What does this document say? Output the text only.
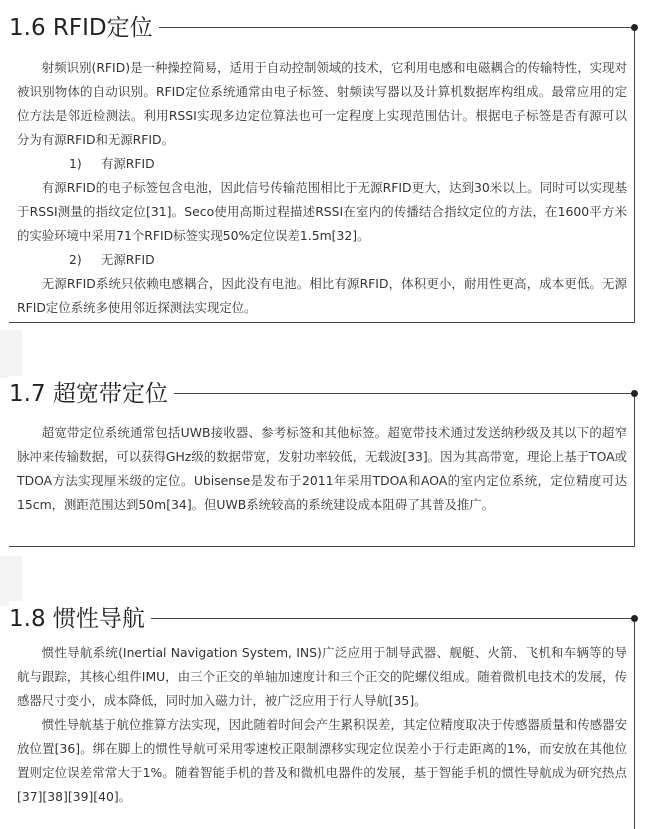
1.6 RFID定位

射频识别(RFID)是一种操控简易，适用于自动控制领域的技术，它利用电感和电磁耦合的传输特性，实现对被识别物体的自动识别。RFID定位系统通常由电子标签、射频读写器以及计算机数据库构组成。最常应用的定位方法是邻近检测法。利用RSSI实现多边定位算法也可一定程度上实现范围估计。根据电子标签是否有源可以分为有源RFID和无源RFID。

1) 有源RFID

有源RFID的电子标签包含电池，因此信号传输范围相比于无源RFID更大，达到30米以上。同时可以实现基于RSSI测量的指纹定位[31]。Seco使用高斯过程描述RSSI在室内的传播结合指纹定位的方法，在1600平方米的实验环境中采用71个RFID标签实现50%定位误差1.5m[32]。

2) 无源RFID

无源RFID系统只依赖电感耦合，因此没有电池。相比有源RFID，体积更小，耐用性更高，成本更低。无源RFID定位系统多使用邻近探测法实现定位。

1.7 超宽带定位

超宽带定位系统通常包括UWB接收器、参考标签和其他标签。超宽带技术通过发送纳秒级及其以下的超窄脉冲来传输数据，可以获得GHz级的数据带宽，发射功率较低，无载波[33]。因为其高带宽，理论上基于TOA或TDOA方法实现厘米级的定位。Ubisense是发布于2011年采用TDOA和AOA的室内定位系统，定位精度可达15cm，测距范围达到50m[34]。但UWB系统较高的系统建设成本阻碍了其普及推广。

1.8 惯性导航

惯性导航系统(Inertial Navigation System, INS)广泛应用于制导武器、舰艇、火箭、飞机和车辆等的导航与跟踪，其核心组件IMU，由三个正交的单轴加速度计和三个正交的陀螺仪组成。随着微机电技术的发展，传感器尺寸变小，成本降低，同时加入磁力计，被广泛应用于行人导航[35]。

惯性导航基于航位推算方法实现，因此随着时间会产生累积误差，其定位精度取决于传感器质量和传感器安放位置[36]。绑在脚上的惯性导航可采用零速校正限制漂移实现定位误差小于行走距离的1%，而安放在其他位置则定位误差常常大于1%。随着智能手机的普及和微机电器件的发展，基于智能手机的惯性导航成为研究热点[37][38][39][40]。
